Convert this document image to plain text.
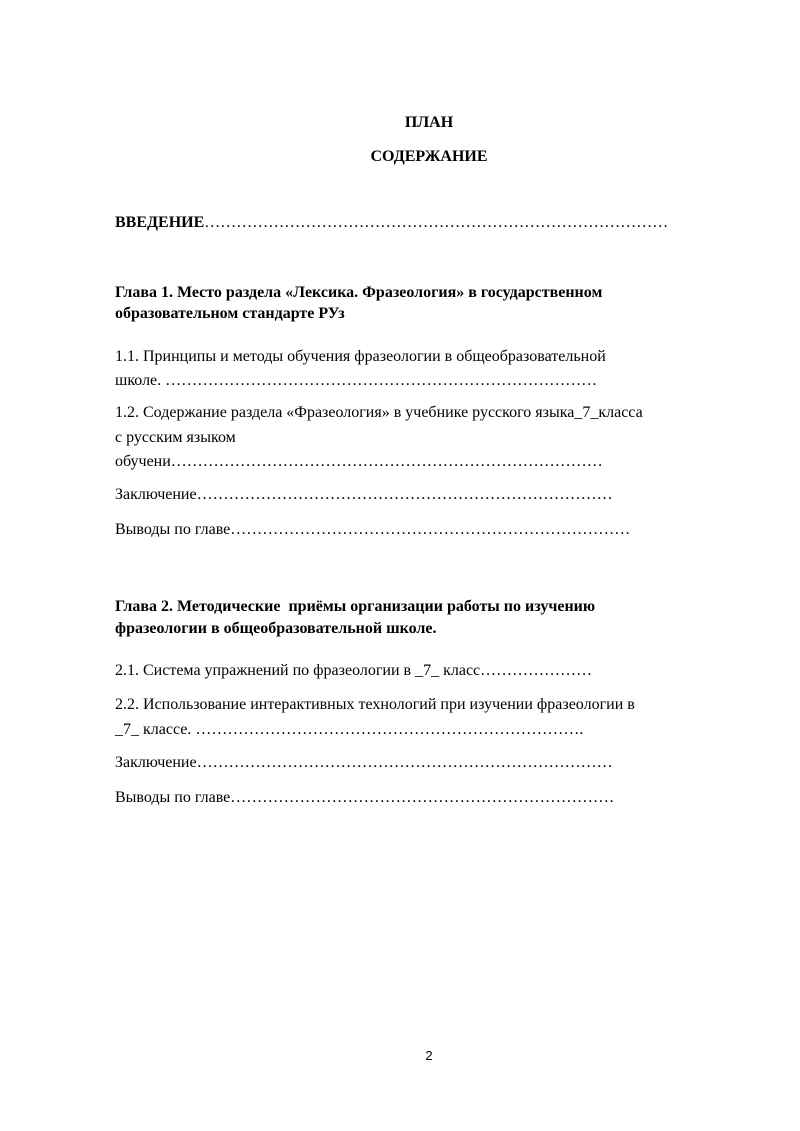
ПЛАН

СОДЕРЖАНИЕ

ВВЕДЕНИЕ……………………………………………………………………………

Глава 1. Место раздела «Лексика. Фразеология» в государственном

образовательном стандарте РУз

1.1. Принципы и методы обучения фразеологии в общеобразовательной

школе. ………………………………………………………………………

1.2. Содержание раздела «Фразеология» в учебнике русского языка_7_класса

с русским языком

обучени………………………………………………………………………

Заключение……………………………………………………………………

Выводы по главе…………………………………………………………………

Глава 2. Методические  приёмы организации работы по изучению

фразеологии в общеобразовательной школе.

2.1. Система упражнений по фразеологии в _7_ класс…………………

2.2. Использование интерактивных технологий при изучении фразеологии в

_7_ классе. ……………………………………………………………….

Заключение……………………………………………………………………

Выводы по главе………………………………………………………………

2
